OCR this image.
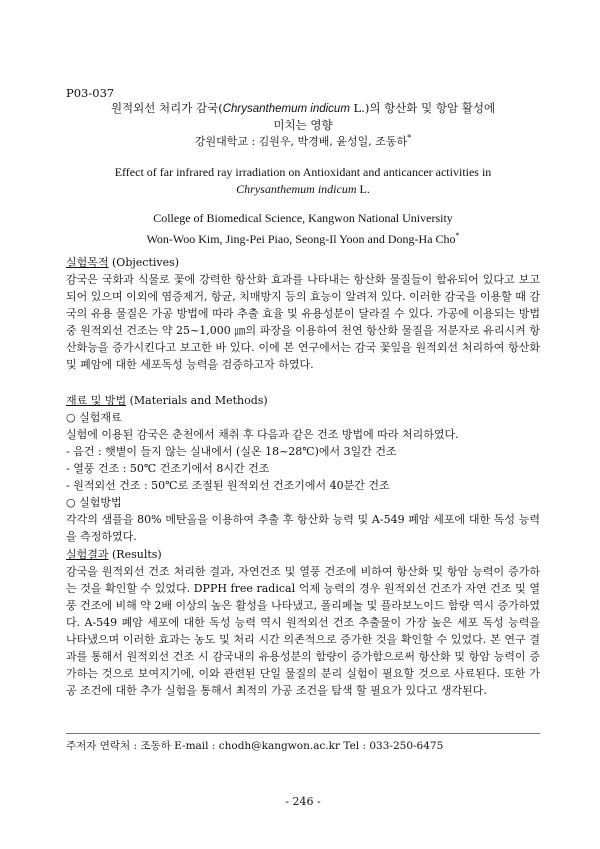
P03-037
원적외선 처리가 감국(Chrysanthemum indicum L.)의 항산화 및 항암 활성에
미치는 영향
강원대학교 : 김원우, 박경배, 윤성일, 조동하*
Effect of far infrared ray irradiation on Antioxidant and anticancer activities in
Chrysanthemum indicum L.
College of Biomedical Science, Kangwon National University
Won-Woo Kim, Jing-Pei Piao, Seong-Il Yoon and Dong-Ha Cho*
실험목적 (Objectives)

감국은 국화과 식물로 꽃에 강력한 항산화 효과를 나타내는 항산화 물질들이 함유되어 있다고 보고되어 있으며 이외에 염증제거, 항균, 치매방지 등의 효능이 알려져 있다. 이러한 감국을 이용할 때 감국의 유용 물질은 가공 방법에 따라 추출 효율 및 유용성분이 달라질 수 있다. 가공에 이용되는 방법 중 원적외선 건조는 약 25~1,000 ㎛의 파장을 이용하여 천연 항산화 물질을 저분자로 유리시켜 항산화능을 증가시킨다고 보고한 바 있다. 이에 본 연구에서는 감국 꽃잎을 원적외선 처리하여 항산화 및 폐암에 대한 세포독성 능력을 검증하고자 하였다.

재료 및 방법 (Materials and Methods)
○ 실험재료
실험에 이용된 감국은 춘천에서 채취 후 다음과 같은 건조 방법에 따라 처리하였다.
- 음건 : 햇볕이 들지 않는 실내에서 (실온 18~28℃)에서 3일간 건조
- 열풍 건조 : 50℃ 건조기에서 8시간 건조
- 원적외선 건조 : 50℃로 조절된 원적외선 건조기에서 40분간 건조
○ 실험방법

각각의 샘플을 80% 메탄올을 이용하여 추출 후 항산화 능력 및 A-549 폐암 세포에 대한 독성 능력을 측정하였다.

실험결과 (Results)

감국을 원적외선 건조 처리한 결과, 자연건조 및 열풍 건조에 비하여 항산화 및 항암 능력이 증가하는 것을 확인할 수 있었다. DPPH free radical 억제 능력의 경우 원적외선 건조가 자연 건조 및 열풍 건조에 비해 약 2배 이상의 높은 활성을 나타냈고, 폴리페놀 및 플라보노이드 함량 역시 증가하였다. A-549 폐암 세포에 대한 독성 능력 역시 원적외선 건조 추출물이 가장 높은 세포 독성 능력을 나타냈으며 이러한 효과는 농도 및 처리 시간 의존적으로 증가한 것을 확인할 수 있었다. 본 연구 결과를 통해서 원적외선 건조 시 감국내의 유용성분의 함량이 증가함으로써 항산화 및 항암 능력이 증가하는 것으로 보여지기에, 이와 관련된 단일 물질의 분리 실험이 필요할 것으로 사료된다. 또한 가공 조건에 대한 추가 실험을 통해서 최적의 가공 조건을 탐색 할 필요가 있다고 생각된다.

주저자 연락처 : 조동하 E-mail : chodh@kangwon.ac.kr Tel : 033-250-6475
- 246 -
